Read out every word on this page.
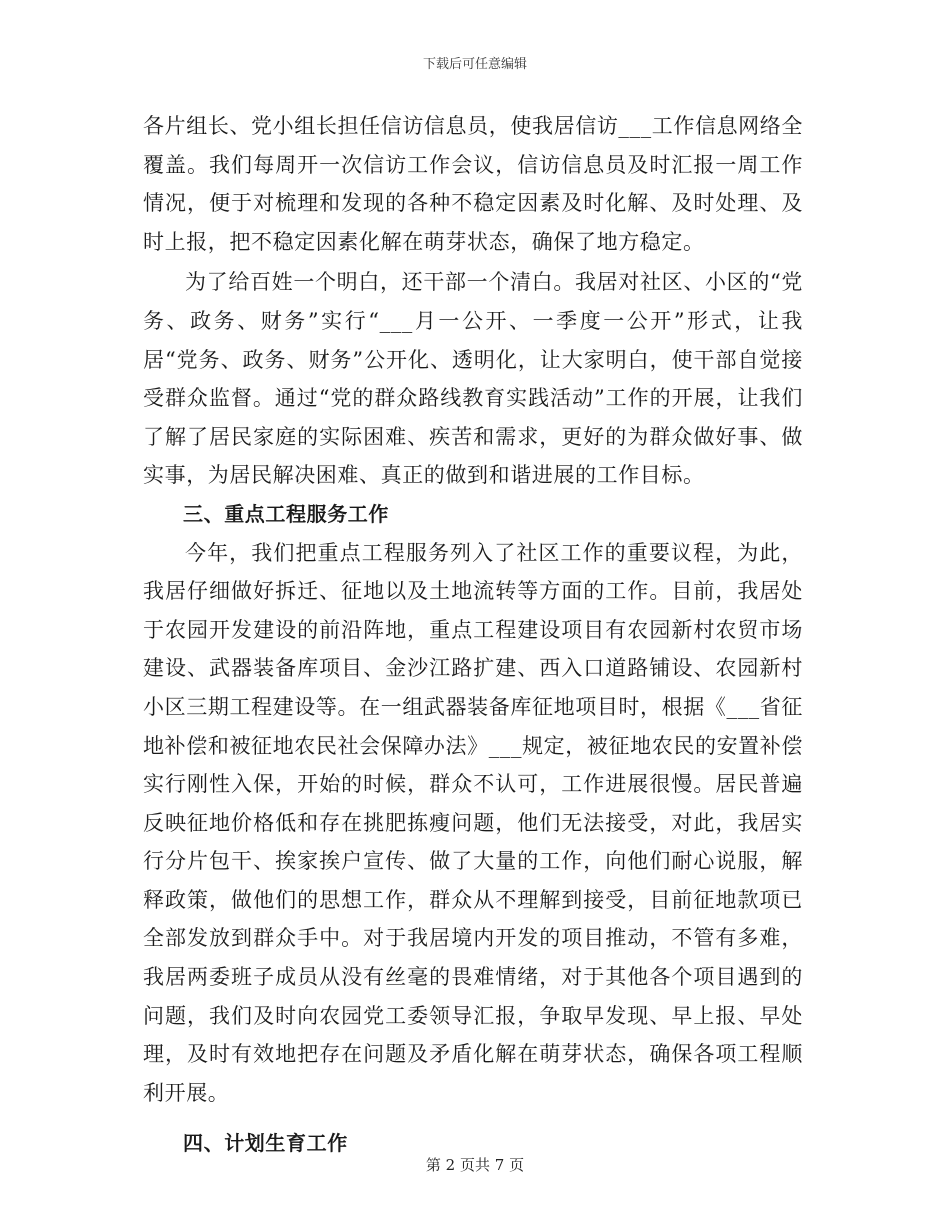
下载后可任意编辑

各片组长、党小组长担任信访信息员，使我居信访___工作信息网络全覆盖。我们每周开一次信访工作会议，信访信息员及时汇报一周工作情况，便于对梳理和发现的各种不稳定因素及时化解、及时处理、及时上报，把不稳定因素化解在萌芽状态，确保了地方稳定。

为了给百姓一个明白，还干部一个清白。我居对社区、小区的“党务、政务、财务”实行“___月一公开、一季度一公开”形式，让我居“党务、政务、财务”公开化、透明化，让大家明白，使干部自觉接受群众监督。通过“党的群众路线教育实践活动”工作的开展，让我们了解了居民家庭的实际困难、疾苦和需求，更好的为群众做好事、做实事，为居民解决困难、真正的做到和谐进展的工作目标。

三、重点工程服务工作

今年，我们把重点工程服务列入了社区工作的重要议程，为此，我居仔细做好拆迁、征地以及土地流转等方面的工作。目前，我居处于农园开发建设的前沿阵地，重点工程建设项目有农园新村农贸市场建设、武器装备库项目、金沙江路扩建、西入口道路铺设、农园新村小区三期工程建设等。在一组武器装备库征地项目时，根据《___省征地补偿和被征地农民社会保障办法》___规定，被征地农民的安置补偿实行刚性入保，开始的时候，群众不认可，工作进展很慢。居民普遍反映征地价格低和存在挑肥拣瘦问题，他们无法接受，对此，我居实行分片包干、挨家挨户宣传、做了大量的工作，向他们耐心说服，解释政策，做他们的思想工作，群众从不理解到接受，目前征地款项已全部发放到群众手中。对于我居境内开发的项目推动，不管有多难，我居两委班子成员从没有丝毫的畏难情绪，对于其他各个项目遇到的问题，我们及时向农园党工委领导汇报，争取早发现、早上报、早处理，及时有效地把存在问题及矛盾化解在萌芽状态，确保各项工程顺利开展。

四、计划生育工作
第 2 页共 7 页
